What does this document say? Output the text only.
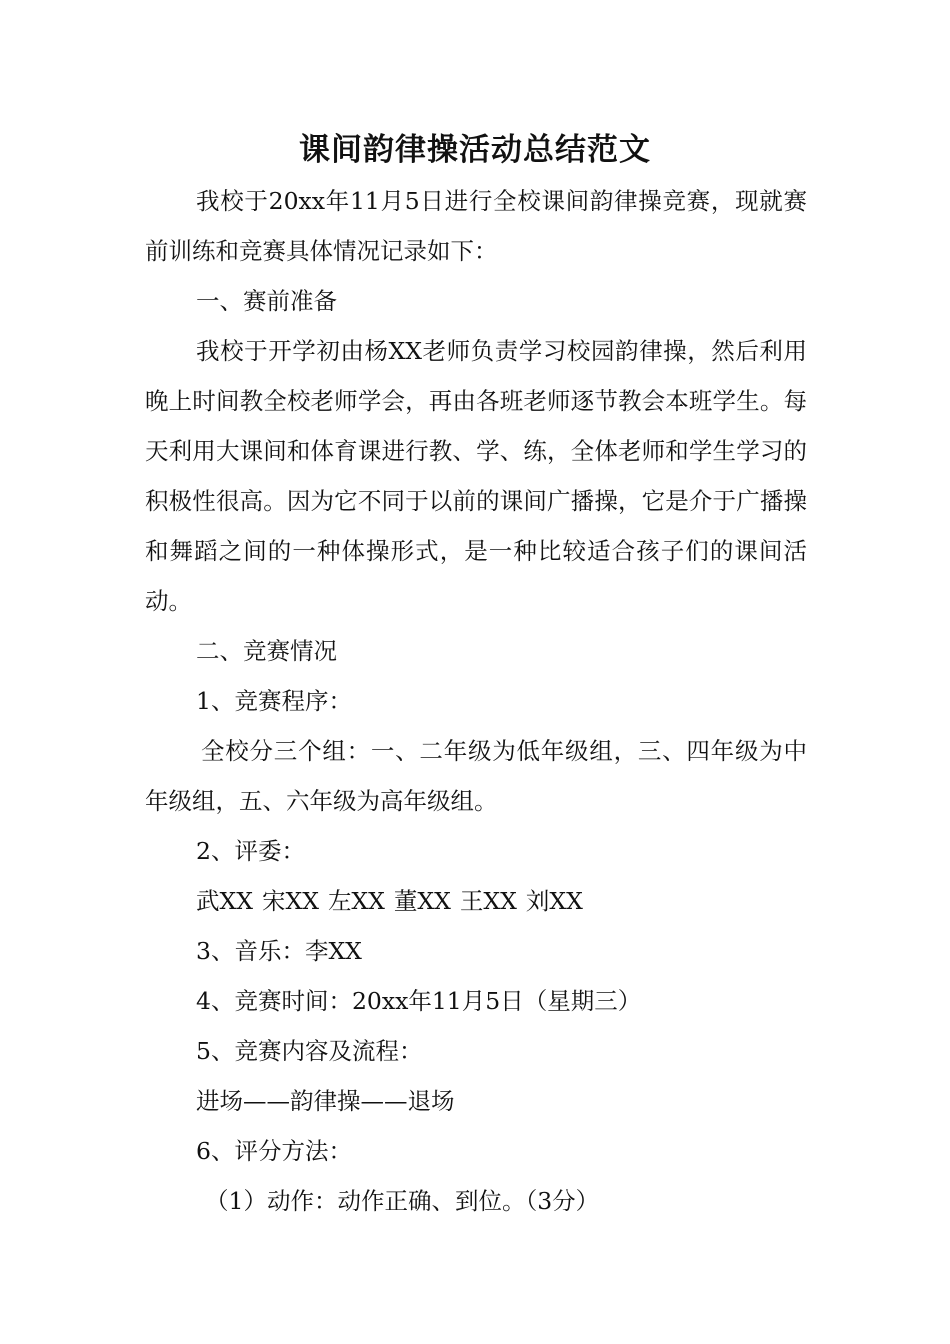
课间韵律操活动总结范文

我校于20xx年11月5日进行全校课间韵律操竞赛，现就赛前训练和竞赛具体情况记录如下：

一、赛前准备

我校于开学初由杨XX老师负责学习校园韵律操，然后利用晚上时间教全校老师学会，再由各班老师逐节教会本班学生。每天利用大课间和体育课进行教、学、练，全体老师和学生学习的积极性很高。因为它不同于以前的课间广播操，它是介于广播操和舞蹈之间的一种体操形式，是一种比较适合孩子们的课间活动。

二、竞赛情况

1、竞赛程序：

全校分三个组：一、二年级为低年级组，三、四年级为中年级组，五、六年级为高年级组。

2、评委：

武XX 宋XX 左XX 董XX 王XX 刘XX

3、音乐：李XX

4、竞赛时间：20xx年11月5日（星期三）

5、竞赛内容及流程：

进场——韵律操——退场

6、评分方法：

（1）动作：动作正确、到位。（3分）
